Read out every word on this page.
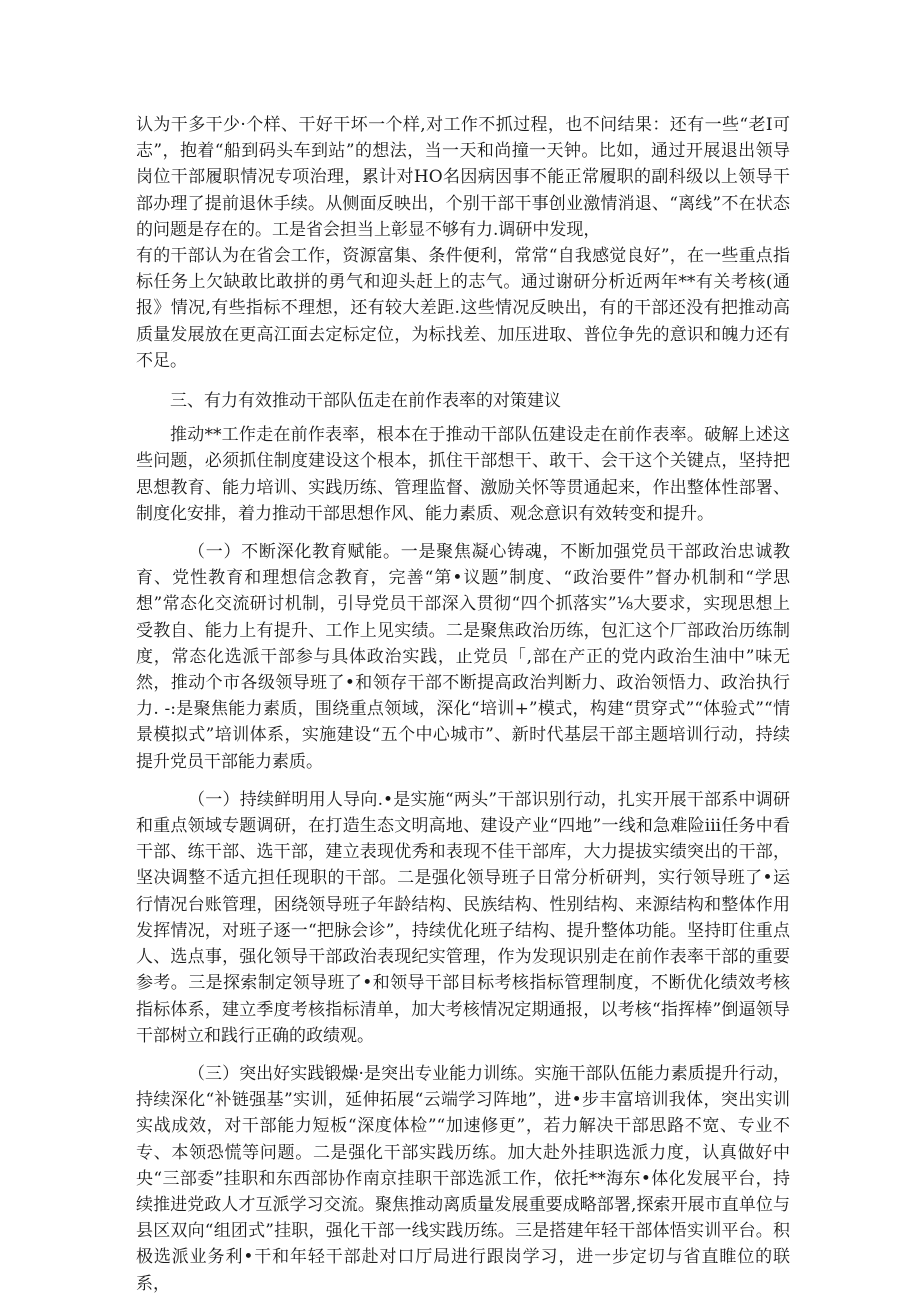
认为干多干少·个样、干好干坏一个样,对工作不抓过程，也不问结果：还有一些“老I可志”，抱着“船到码头车到站”的想法，当一天和尚撞一天钟。比如，通过开展退出领导岗位干部履职情况专项治理，累计对HO名因病因事不能正常履职的副科级以上领导干部办理了提前退休手续。从侧面反映出，个别干部干事创业激情消退、“离线”不在状态的问题是存在的。工是省会担当上彰显不够有力.调研中发现，

有的干部认为在省会工作，资源富集、条件便利，常常“自我感觉良好”，在一些重点指标任务上欠缺敢比敢拼的勇气和迎头赶上的志气。通过谢研分析近两年**有关考核(通报》情况,有些指标不理想，还有较大差距.这些情况反映出，有的干部还没有把推动高质量发展放在更高江面去定标定位，为标找差、加压进取、普位争先的意识和魄力还有不足。

三、有力有效推动干部队伍走在前作表率的对策建议

推动**工作走在前作表率，根本在于推动干部队伍建设走在前作表率。破解上述这些问题，必须抓住制度建设这个根本，抓住干部想干、敢干、会干这个关键点，坚持把思想教育、能力培训、实践历练、管理监督、激励关怀等贯通起来，作出整体性部署、制度化安排，着力推动干部思想作风、能力素质、观念意识有效转变和提升。

（一）不断深化教育赋能。一是聚焦凝心铸魂，不断加强党员干部政治忠诚教育、党性教育和理想信念教育，完善“第•议题”制度、“政治要件”督办机制和“学思想”常态化交流研讨机制，引导党员干部深入贯彻“四个抓落实”⅛大要求，实现思想上受教自、能力上有提升、工作上见实绩。二是聚焦政治历练，包汇这个厂部政治历练制度，常态化选派干部参与具体政治实践，止党员「,部在产正的党内政治生油中”味无然，推动个市各级领导班了•和领存干部不断提高政治判断力、政治领悟力、政治执行力. -:是聚焦能力素质，围绕重点领域，深化“培训+”模式，构建“贯穿式”“体验式”“情景模拟式”培训体系，实施建设“五个中心城市”、新时代基层干部主题培训行动，持续提升党员干部能力素质。

（一）持续鲜明用人导向.•是实施“两头”干部识别行动，扎实开展干部系中调研和重点领域专题调研，在打造生态文明高地、建设产业“四地”一线和急难险iii任务中看干部、练干部、选干部，建立表现优秀和表现不佳干部库，大力提拔实绩突出的干部，坚决调整不适亢担任现职的干部。二是强化领导班子日常分析研判，实行领导班了•运行情况台账管理，困绕领导班子年龄结构、民族结构、性别结构、来源结构和整体作用发挥情况，对班子逐一“把脉会诊”，持续优化班子结构、提升整体功能。坚持盯住重点人、选点事，强化领导干部政治表现纪实管理，作为发现识别走在前作表率干部的重要参考。三是探索制定领导班了•和领导干部目标考核指标管理制度，不断优化绩效考核指标体系，建立季度考核指标清单，加大考核情况定期通报，以考核“指挥棒”倒逼领导干部树立和践行正确的政绩观。

（三）突出好实践锻燥·是突出专业能力训练。实施干部队伍能力素质提升行动，持续深化“补链强基”实训，延伸拓展“云端学习阵地”，进•步丰富培训我体，突出实训实战成效，对干部能力短板“深度体检”“加速修更”，若力解决干部思路不宽、专业不专、本领恐慌等问题。二是强化干部实践历练。加大赴外挂职选派力度，认真做好中央“三部委”挂职和东西部协作南京挂职干部选派工作，依托**海东•体化发展平台，持续推进党政人才互派学习交流。聚焦推动离质量发展重要成略部署,探索开展市直单位与县区双向“组团式”挂职，强化干部一线实践历练。三是搭建年轻干部体悟实训平台。积极选派业务利•干和年轻干部赴对口厅局进行跟岗学习，进一步定切与省直睢位的联系，
